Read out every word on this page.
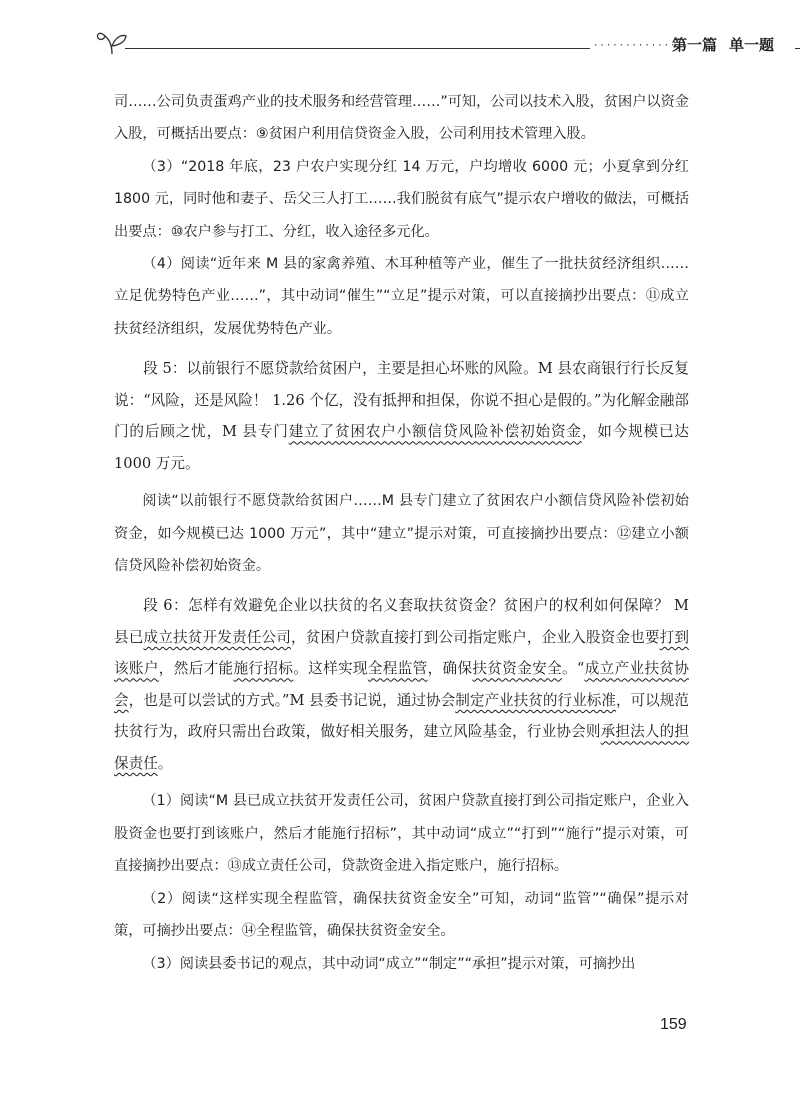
···············
第一篇 单一题

司……公司负责蛋鸡产业的技术服务和经营管理……”可知，公司以技术入股，贫困户以资金入股，可概括出要点：⑨贫困户利用信贷资金入股，公司利用技术管理入股。

（3）“2018 年底，23 户农户实现分红 14 万元，户均增收 6000 元；小夏拿到分红 1800 元，同时他和妻子、岳父三人打工……我们脱贫有底气”提示农户增收的做法，可概括出要点：⑩农户参与打工、分红，收入途径多元化。

（4）阅读“近年来 M 县的家禽养殖、木耳种植等产业，催生了一批扶贫经济组织……立足优势特色产业……”，其中动词“催生”“立足”提示对策，可以直接摘抄出要点：⑪成立扶贫经济组织，发展优势特色产业。

段 5：以前银行不愿贷款给贫困户，主要是担心坏账的风险。M 县农商银行行长反复说：“风险，还是风险！ 1.26 个亿，没有抵押和担保，你说不担心是假的。”为化解金融部门的后顾之忧，M 县专门建立了贫困农户小额信贷风险补偿初始资金，如今规模已达 1000 万元。

阅读“以前银行不愿贷款给贫困户……M 县专门建立了贫困农户小额信贷风险补偿初始资金，如今规模已达 1000 万元”，其中“建立”提示对策，可直接摘抄出要点：⑫建立小额信贷风险补偿初始资金。

段 6：怎样有效避免企业以扶贫的名义套取扶贫资金？贫困户的权利如何保障？ M 县已成立扶贫开发责任公司，贫困户贷款直接打到公司指定账户，企业入股资金也要打到该账户，然后才能施行招标。这样实现全程监管，确保扶贫资金安全。“成立产业扶贫协会，也是可以尝试的方式。”M 县委书记说，通过协会制定产业扶贫的行业标准，可以规范扶贫行为，政府只需出台政策，做好相关服务，建立风险基金，行业协会则承担法人的担保责任。

（1）阅读“M 县已成立扶贫开发责任公司，贫困户贷款直接打到公司指定账户，企业入股资金也要打到该账户，然后才能施行招标”，其中动词“成立”“打到”“施行”提示对策，可直接摘抄出要点：⑬成立责任公司，贷款资金进入指定账户，施行招标。

（2）阅读“这样实现全程监管，确保扶贫资金安全”可知，动词“监管”“确保”提示对策，可摘抄出要点：⑭全程监管，确保扶贫资金安全。

（3）阅读县委书记的观点，其中动词“成立”“制定”“承担”提示对策，可摘抄出

159
